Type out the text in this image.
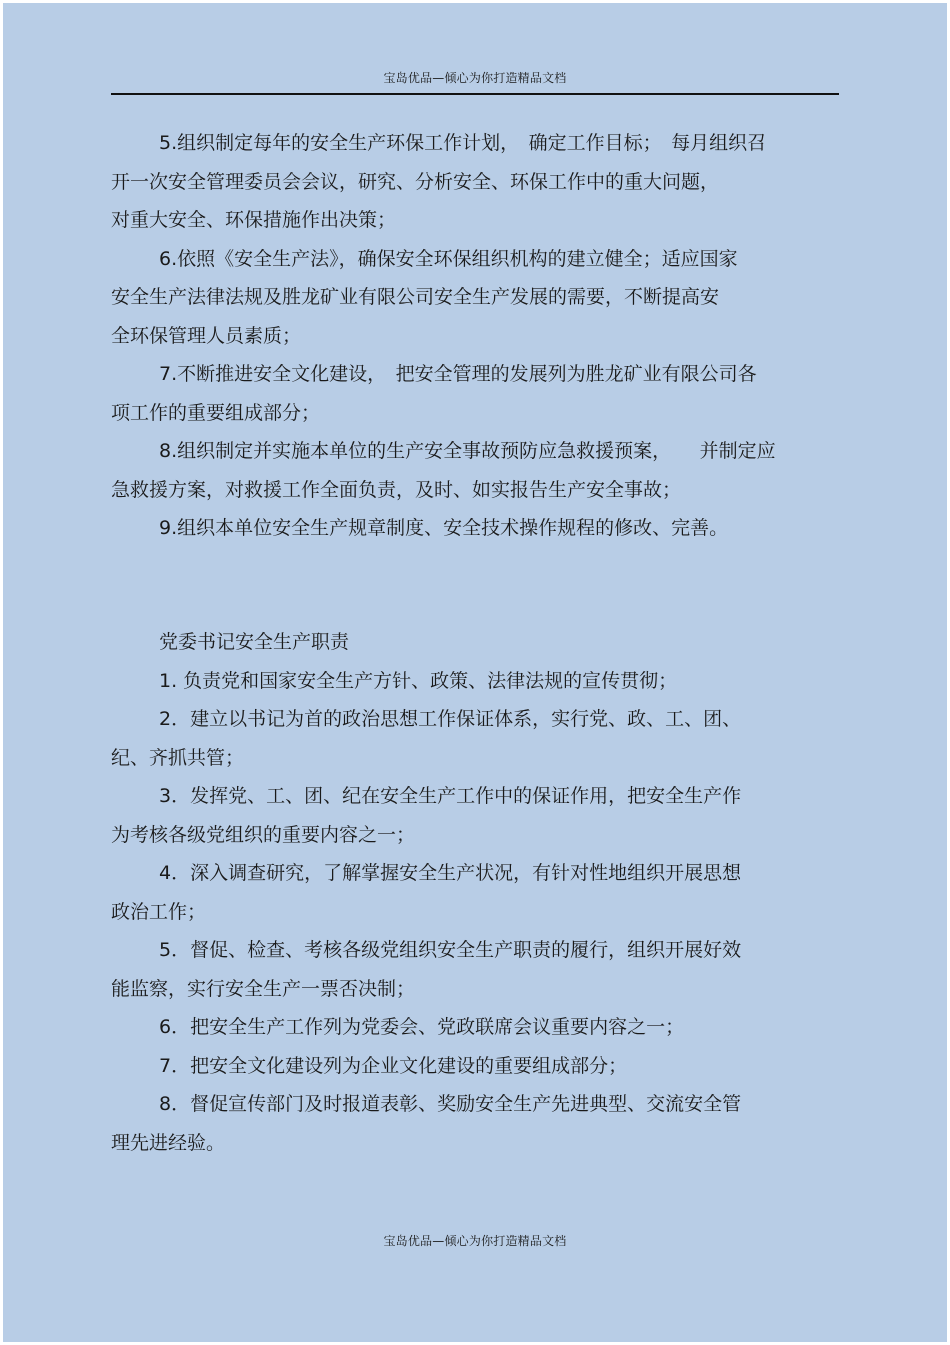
宝岛优品—倾心为你打造精品文档
5.组织制定每年的安全生产环保工作计划，　确定工作目标；　每月组织召
开一次安全管理委员会会议，研究、分析安全、环保工作中的重大问题，
对重大安全、环保措施作出决策；
6.依照《安全生产法》，确保安全环保组织机构的建立健全；适应国家
安全生产法律法规及胜龙矿业有限公司安全生产发展的需要，不断提高安
全环保管理人员素质；
7.不断推进安全文化建设，　把安全管理的发展列为胜龙矿业有限公司各
项工作的重要组成部分；
8.组织制定并实施本单位的生产安全事故预防应急救援预案，　　并制定应
急救援方案，对救援工作全面负责，及时、如实报告生产安全事故；
9.组织本单位安全生产规章制度、安全技术操作规程的修改、完善。
党委书记安全生产职责
1. 负责党和国家安全生产方针、政策、法律法规的宣传贯彻；
2．建立以书记为首的政治思想工作保证体系，实行党、政、工、团、
纪、齐抓共管；
3．发挥党、工、团、纪在安全生产工作中的保证作用，把安全生产作
为考核各级党组织的重要内容之一；
4．深入调查研究，了解掌握安全生产状况，有针对性地组织开展思想
政治工作；
5．督促、检查、考核各级党组织安全生产职责的履行，组织开展好效
能监察，实行安全生产一票否决制；
6．把安全生产工作列为党委会、党政联席会议重要内容之一；
7．把安全文化建设列为企业文化建设的重要组成部分；
8．督促宣传部门及时报道表彰、奖励安全生产先进典型、交流安全管
理先进经验。
宝岛优品—倾心为你打造精品文档
